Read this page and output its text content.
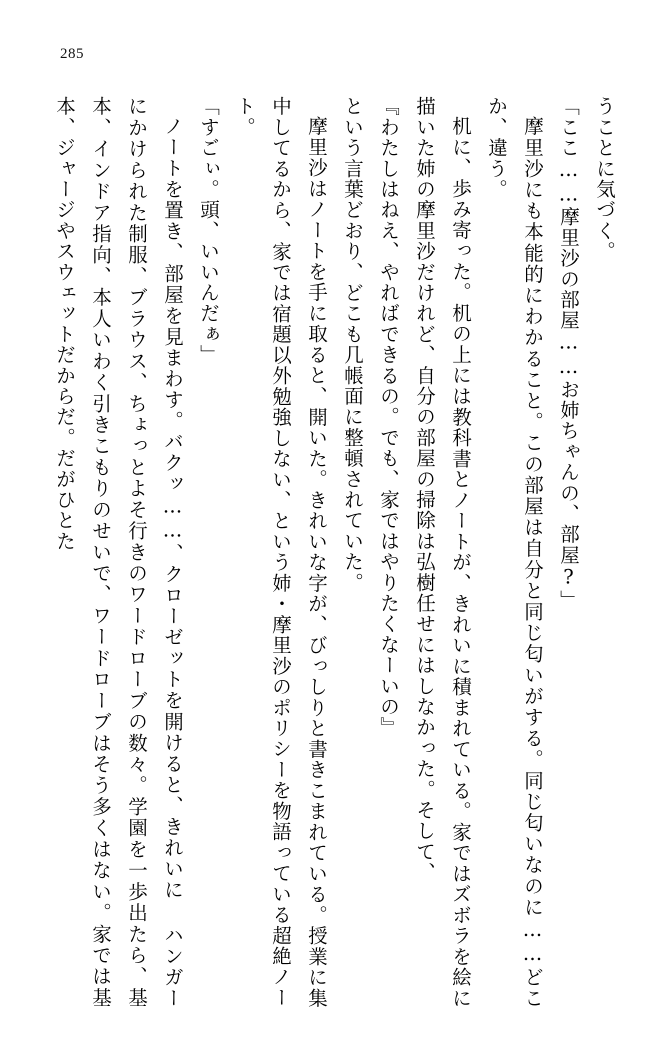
285

うことに気づく。

「ここ……摩里沙の部屋……お姉ちゃんの、部屋?」

摩里沙にも本能的にわかること。この部屋は自分と同じ匂いがする。同じ匂いなのに……どこか、違う。

机に、歩み寄った。机の上には教科書とノートが、きれいに積まれている。家ではズボラを絵に描いた姉の摩里沙だけれど、自分の部屋の掃除は弘樹任せにはしなかった。そして、

『わたしはねえ、やればできるの。でも、家ではやりたくなーいの』

という言葉どおり、どこも几帳面に整頓されていた。

摩里沙はノートを手に取ると、開いた。きれいな字が、びっしりと書きこまれている。授業に集中してるから、家では宿題以外勉強しない、という姉・摩里沙のポリシーを物語っている超絶ノート。

「すごぃ。頭、いいんだぁ」

ノートを置き、部屋を見まわす。バクッ……、クローゼットを開けると、きれいに ハンガーにかけられた制服、ブラウス、ちょっとよそ行きのワードローブの数々。学園を一歩出たら、基本、インドア指向、本人いわく引きこもりのせいで、ワードローブはそう多くはない。家では基本、ジャージやスウェットだからだ。だがひとた
